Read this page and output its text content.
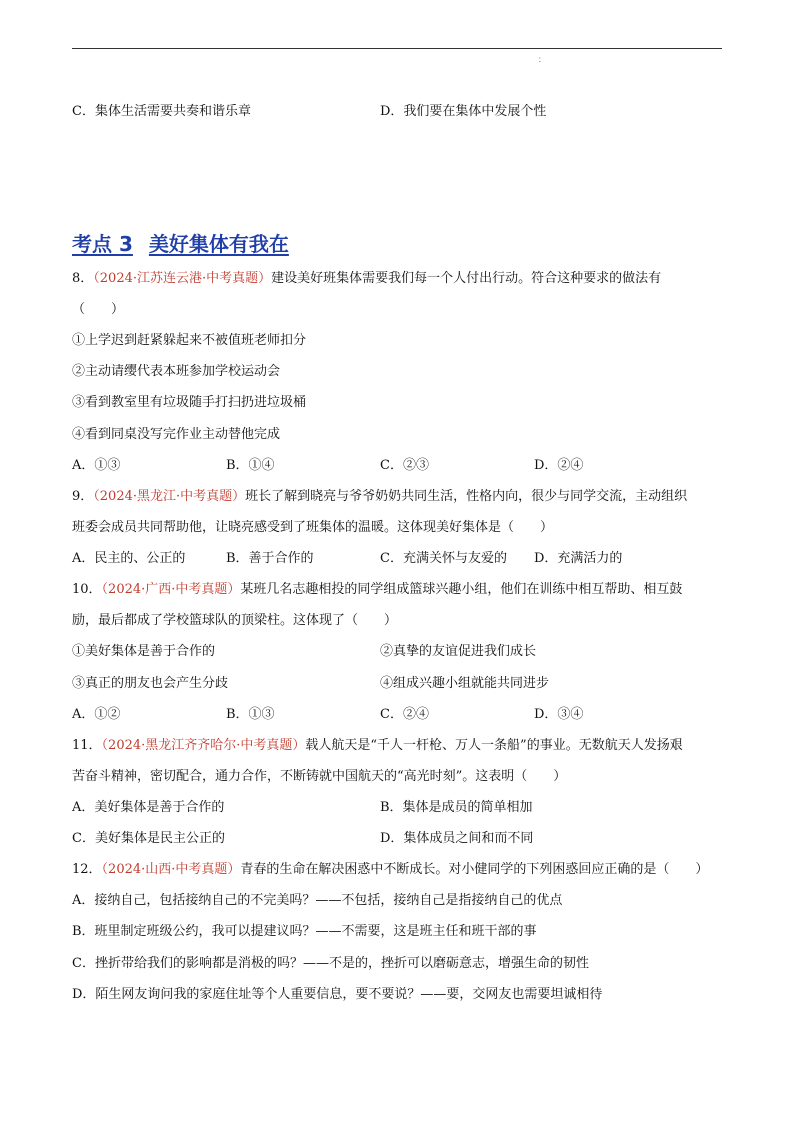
：
C．集体生活需要共奏和谐乐章	D．我们要在集体中发展个性
考点 3 美好集体有我在
8．（2024·江苏连云港·中考真题）建设美好班集体需要我们每一个人付出行动。符合这种要求的做法有
（　　）
①上学迟到赶紧躲起来不被值班老师扣分
②主动请缨代表本班参加学校运动会
③看到教室里有垃圾随手打扫扔进垃圾桶
④看到同桌没写完作业主动替他完成
A．①③	B．①④	C．②③	D．②④
9．（2024·黑龙江·中考真题）班长了解到晓亮与爷爷奶奶共同生活，性格内向，很少与同学交流，主动组织
班委会成员共同帮助他，让晓亮感受到了班集体的温暖。这体现美好集体是（　　）
A．民主的、公正的	B．善于合作的	C．充满关怀与友爱的 D．充满活力的
10．（2024·广西·中考真题）某班几名志趣相投的同学组成篮球兴趣小组，他们在训练中相互帮助、相互鼓
励，最后都成了学校篮球队的顶梁柱。这体现了（　　）
①美好集体是善于合作的	②真挚的友谊促进我们成长
③真正的朋友也会产生分歧	④组成兴趣小组就能共同进步
A．①②	B．①③	C．②④	D．③④
11．（2024·黑龙江齐齐哈尔·中考真题）载人航天是“千人一杆枪、万人一条船”的事业。无数航天人发扬艰
苦奋斗精神，密切配合，通力合作，不断铸就中国航天的“高光时刻”。这表明（　　）
A．美好集体是善于合作的	B．集体是成员的简单相加
C．美好集体是民主公正的	D．集体成员之间和而不同
12．（2024·山西·中考真题）青春的生命在解决困惑中不断成长。对小健同学的下列困惑回应正确的是（　　）
A．接纳自己，包括接纳自己的不完美吗？——不包括，接纳自己是指接纳自己的优点
B．班里制定班级公约，我可以提建议吗？——不需要，这是班主任和班干部的事
C．挫折带给我们的影响都是消极的吗？——不是的，挫折可以磨砺意志，增强生命的韧性
D．陌生网友询问我的家庭住址等个人重要信息，要不要说？——要，交网友也需要坦诚相待
